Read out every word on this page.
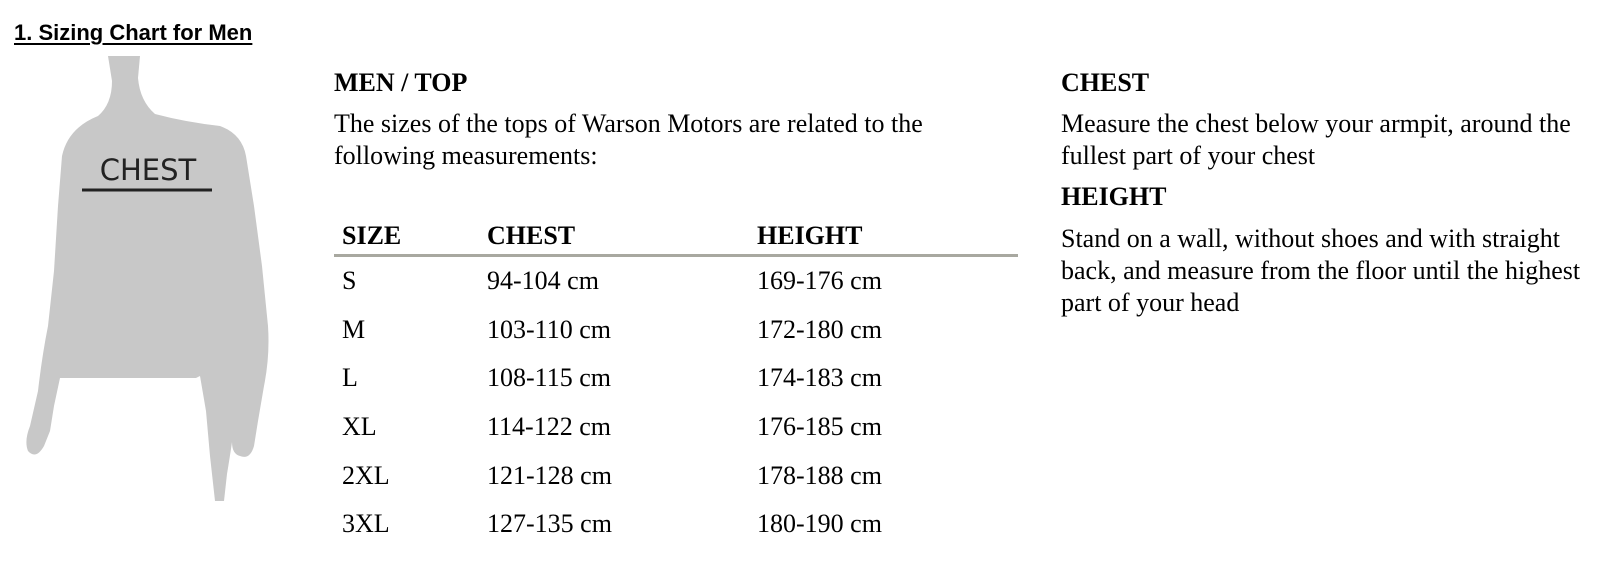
1. Sizing Chart for Men
CHEST
MEN / TOP
The sizes of the tops of Warson Motors are related to the following measurements:
SIZE	CHEST	HEIGHT
S	94-104 cm	169-176 cm
M	103-110 cm	172-180 cm
L	108-115 cm	174-183 cm
XL	114-122 cm	176-185 cm
2XL	121-128 cm	178-188 cm
3XL	127-135 cm	180-190 cm
CHEST
Measure the chest below your armpit, around the fullest part of your chest
HEIGHT
Stand on a wall, without shoes and with straight back, and measure from the floor until the highest part of your head
